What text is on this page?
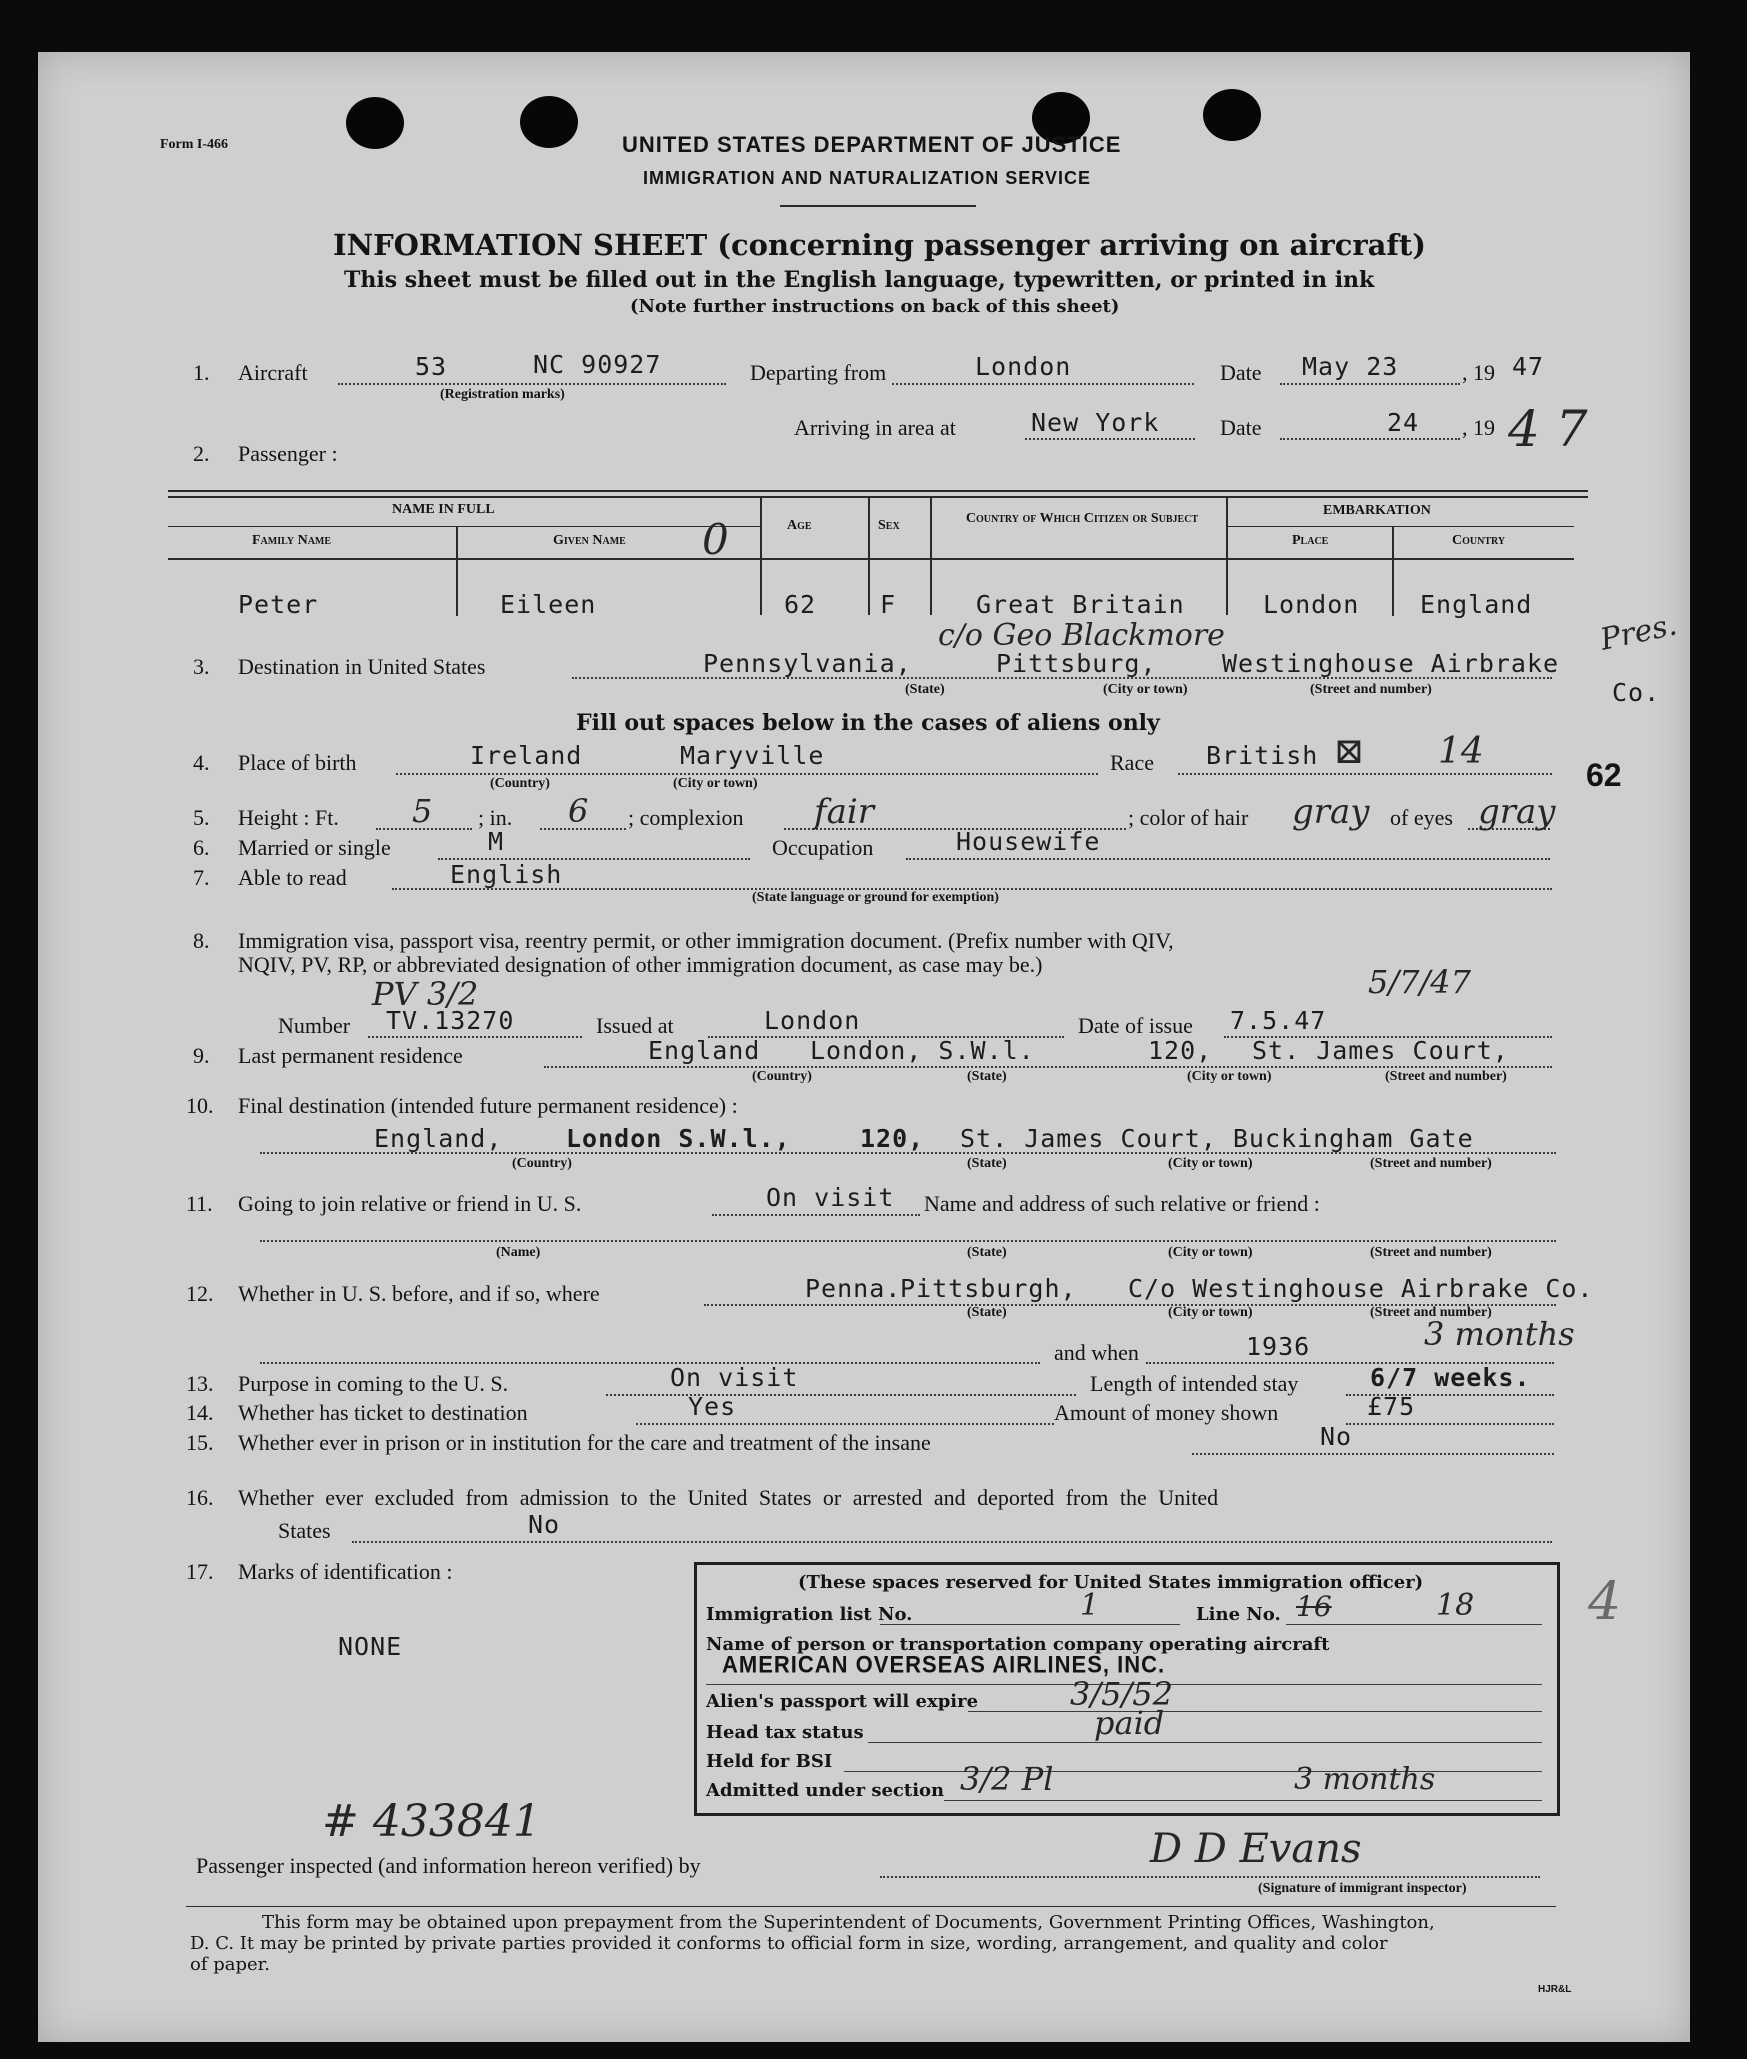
Form I-466	UNITED STATES DEPARTMENT OF JUSTICE
IMMIGRATION AND NATURALIZATION SERVICE
INFORMATION SHEET (concerning passenger arriving on aircraft)
This sheet must be filled out in the English language, typewritten, or printed in ink
(Note further instructions on back of this sheet)
1. Aircraft	53	NC 90927
(Registration marks)
Departing from	London	Date May 23	, 19 47
Arriving in area at	New York	Date	24 , 19 4 7
2. Passenger :
NAME IN FULL
Family Name	Given Name 0	Age	Sex	Country of Which Citizen or Subject
EMBARKATION
Place	Country
Peter	Eileen	62	F	Great Britain	London England
3. Destination in United States	Pennsylvania,	Pittsburg,	Westinghouse Airbrake
Co.
c/o Geo Blackmore	Pres.
(State)	(City or town)	(Street and number)
Fill out spaces below in the cases of aliens only
4. Place of birth	Ireland	Maryville
(Country)	(City or town)
Race British ⊠ 14
62
5. Height : Ft. 5 ; in. 6 ; complexion fair	; color of hair gray of eyes gray
6. Married or single	M	Occupation	Housewife
7. Able to read	English
(State language or ground for exemption)
8. Immigration visa, passport visa, reentry permit, or other immigration document. (Prefix number with QIV,
NQIV, PV, RP, or abbreviated designation of other immigration document, as case may be.)
Number TV.13270
PV 3/2
Issued at	London	Date of issue 7.5.47
5/7/47
9. Last permanent residence	England London, S.W.l.	120, St. James Court,
(Country)	(State)	(City or town)	(Street and number)
10. Final destination (intended future permanent residence) :
England,	London S.W.l.,	120, St. James Court, Buckingham Gate
(Country)	(State)	(City or town)	(Street and number)
11. Going to join relative or friend in U. S.	On visit Name and address of such relative or friend :
(Name)	(State)	(City or town)	(Street and number)
12. Whether in U. S. before, and if so, where	Penna.
Pittsburgh, C/o Westinghouse Airbrake Co.
(State)	(City or town)	(Street and number)
and when	1936	3 months
13. Purpose in coming to the U. S.	On visit	Length of intended stay	6/7 weeks.
14. Whether has ticket to destination	Yes	Amount of money shown	£75
15. Whether ever in prison or in institution for the care and treatment of the insane	No
16. Whether ever excluded from admission to the United States or arrested and deported from the United
States	No
17. Marks of identification :
NONE
(These spaces reserved for United States immigration officer)
Immigration list No.	1	Line No. 16	18
Name of person or transportation company operating aircraft
AMERICAN OVERSEAS AIRLINES, INC.
Alien's passport will expire	3/5/52
Head tax status	paid
Held for BSI
Admitted under section 3/2 Pl	3 months
4
# 433841
Passenger inspected (and information hereon verified) by	D D Evans
(Signature of immigrant inspector)
This form may be obtained upon prepayment from the Superintendent of Documents, Government Printing Offices, Washington,
D. C. It may be printed by private parties provided it conforms to official form in size, wording, arrangement, and quality and color
of paper.
HJR&L
